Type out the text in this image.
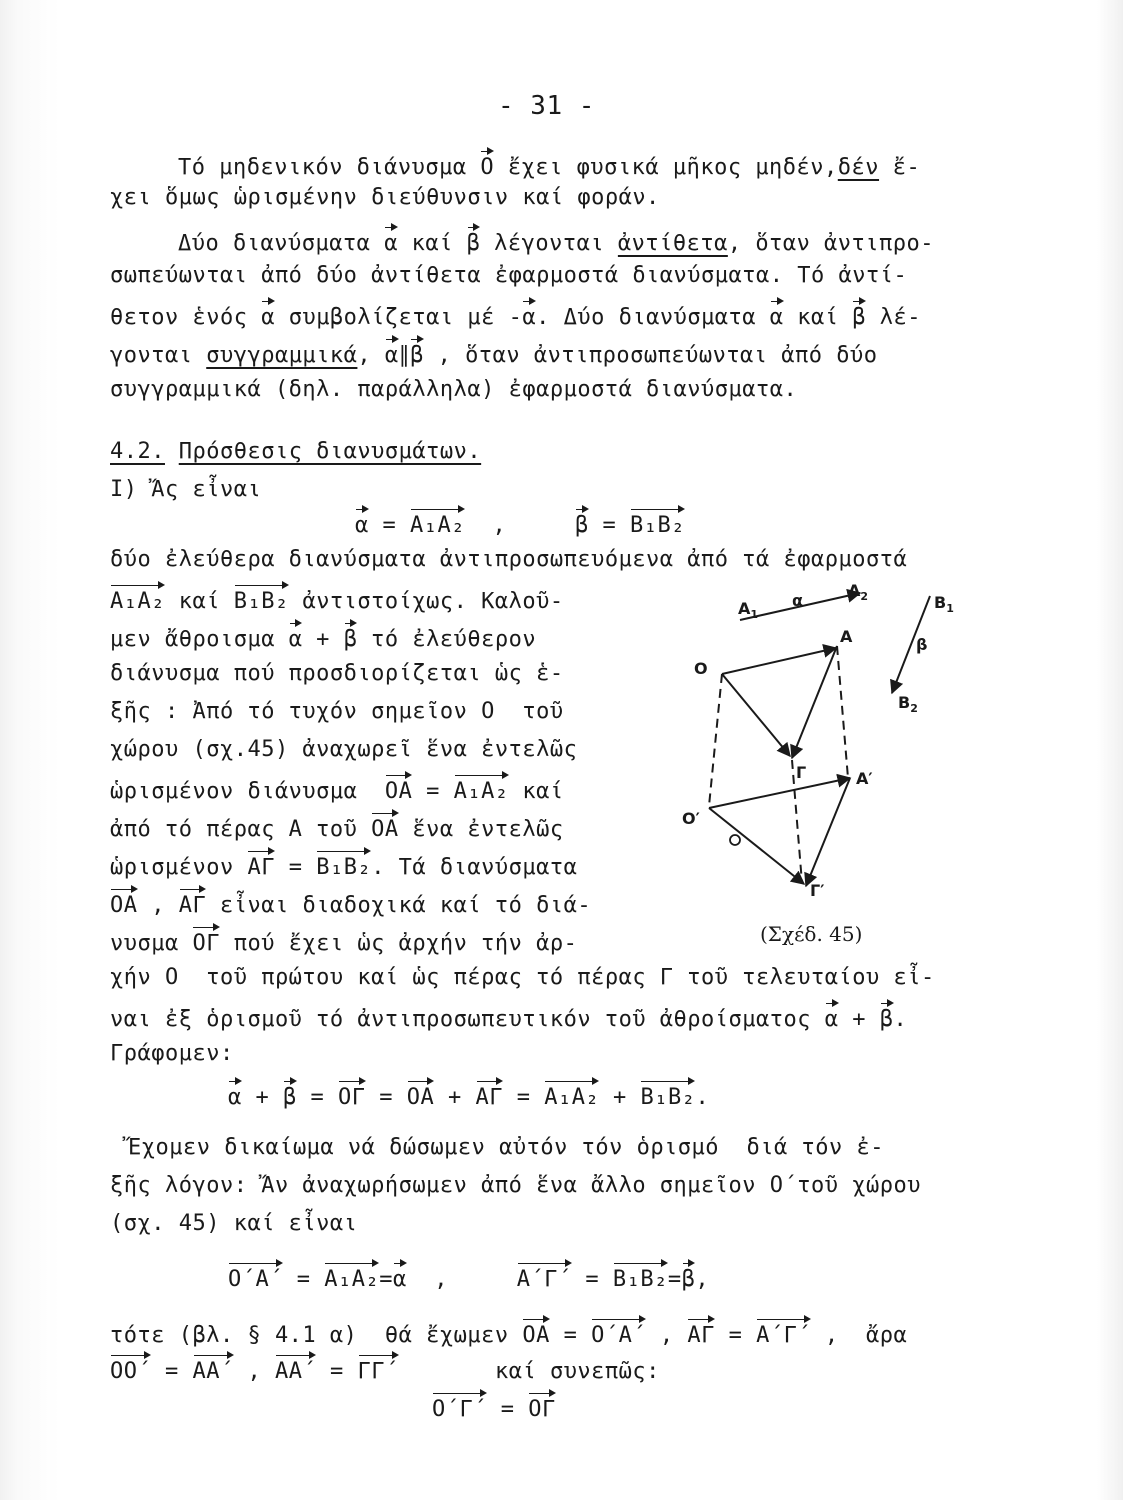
- 31 -
Τό μηδενικόν διάνυσμα O ἔχει φυσικά μῆκος μηδέν,δέν ἔ-
χει ὅμως ὡρισμένην διεύθυνσιν καί φοράν.
Δύο διανύσματα α καί β λέγονται ἀντίθετα, ὅταν ἀντιπρο-
σωπεύωνται ἀπό δύο ἀντίθετα ἐφαρμοστά διανύσματα. Τό ἀντί-
θετον ἑνός α συμβολίζεται μέ -α. Δύο διανύσματα α καί β λέ-
γονται συγγραμμικά, α∥β , ὅταν ἀντιπροσωπεύωνται ἀπό δύο
συγγραμμικά (δηλ. παράλληλα) ἐφαρμοστά διανύσματα.
4.2. Πρόσθεσις διανυσμάτων.
I) Ἄς εἶναι
α = A₁A₂  ,     β = B₁B₂
δύο ἐλεύθερα διανύσματα ἀντιπροσωπευόμενα ἀπό τά ἐφαρμοστά
A₁A₂ καί B₁B₂ ἀντιστοίχως. Καλοῦ-
μεν ἄθροισμα α + β τό ἐλεύθερον
διάνυσμα πού προσδιορίζεται ὡς ἑ-
ξῆς : Ἀπό τό τυχόν σημεῖον O  τοῦ
χώρου (σχ.45) ἀναχωρεῖ ἕνα ἐντελῶς
ὡρισμένον διάνυσμα  OA = A₁A₂ καί
ἀπό τό πέρας A τοῦ OA ἕνα ἐντελῶς
ὡρισμένον AΓ = B₁B₂. Τά διανύσματα
OA , AΓ εἶναι διαδοχικά καί τό διά-
νυσμα OΓ πού ἔχει ὡς ἀρχήν τήν ἀρ-
χήν O  τοῦ πρώτου καί ὡς πέρας τό πέρας Γ τοῦ τελευταίου εἶ-
ναι ἐξ ὁρισμοῦ τό ἀντιπροσωπευτικόν τοῦ ἀθροίσματος α + β.
Γράφομεν:
α + β = OΓ = OA + AΓ = A₁A₂ + B₁B₂.
Ἔχομεν δικαίωμα νά δώσωμεν αὐτόν τόν ὁρισμό  διά τόν ἐ-
ξῆς λόγον: Ἄν ἀναχωρήσωμεν ἀπό ἕνα ἄλλο σημεῖον O΄τοῦ χώρου
(σχ. 45) καί εἶναι
O΄A΄ = A₁A₂=α  ,     A΄Γ΄ = B₁B₂=β,
τότε (βλ. § 4.1 α)  θά ἔχωμεν OA = O΄A΄ , AΓ = A΄Γ΄ ,  ἄρα
OO΄ = AA΄ , AA΄ = ΓΓ΄       καί συνεπῶς:
O΄Γ΄ = OΓ
$A_1$
α
$A_2$	$B_1$
β
$B_2$
O
A
Γ	A′
O′
Γ′
(Σχέδ. 45)
